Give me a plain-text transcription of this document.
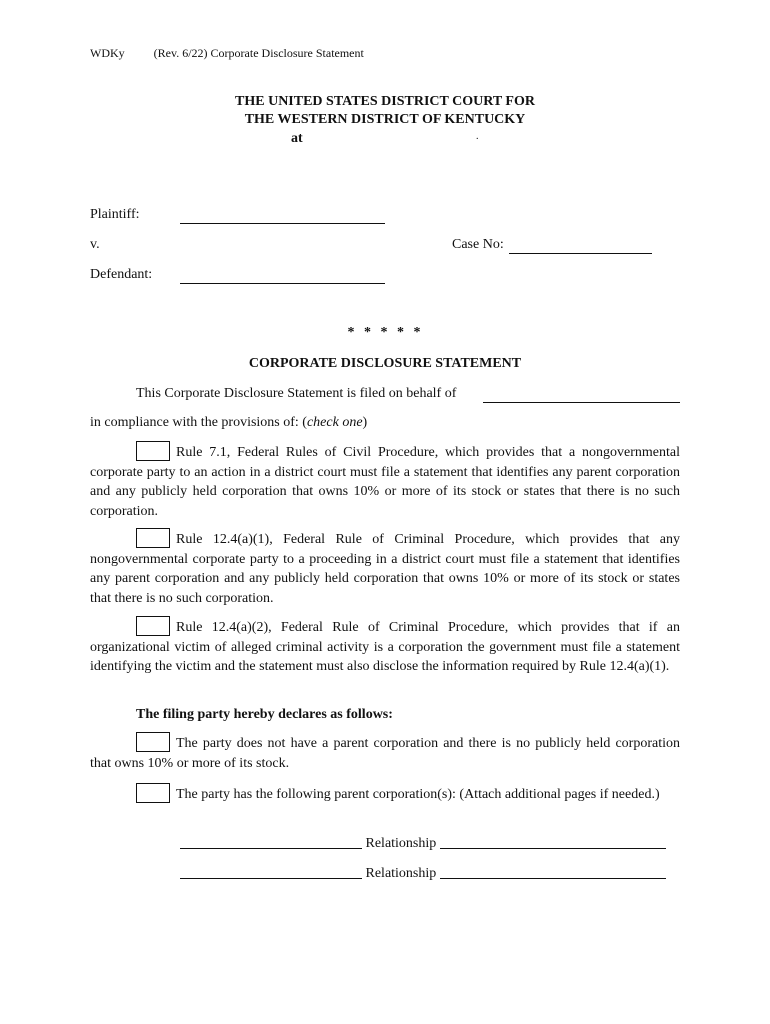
WDKy (Rev. 6/22) Corporate Disclosure Statement
THE UNITED STATES DISTRICT COURT FOR
THE WESTERN DISTRICT OF KENTUCKY
at	.
Plaintiff:
v.	Case No:
Defendant:
* * * * *
CORPORATE DISCLOSURE STATEMENT
This Corporate Disclosure Statement is filed on behalf of
in compliance with the provisions of: (check one)
Rule 7.1, Federal Rules of Civil Procedure, which provides that a nongovernmental corporate party to an action in a district court must file a statement that identifies any parent corporation and any publicly held corporation that owns 10% or more of its stock or states that there is no such corporation.
Rule 12.4(a)(1), Federal Rule of Criminal Procedure, which provides that any nongovernmental corporate party to a proceeding in a district court must file a statement that identifies any parent corporation and any publicly held corporation that owns 10% or more of its stock or states that there is no such corporation.
Rule 12.4(a)(2), Federal Rule of Criminal Procedure, which provides that if an organizational victim of alleged criminal activity is a corporation the government must file a statement identifying the victim and the statement must also disclose the information required by Rule 12.4(a)(1).
The filing party hereby declares as follows:
The party does not have a parent corporation and there is no publicly held corporation that owns 10% or more of its stock.
The party has the following parent corporation(s): (Attach additional pages if needed.)
Relationship
Relationship
